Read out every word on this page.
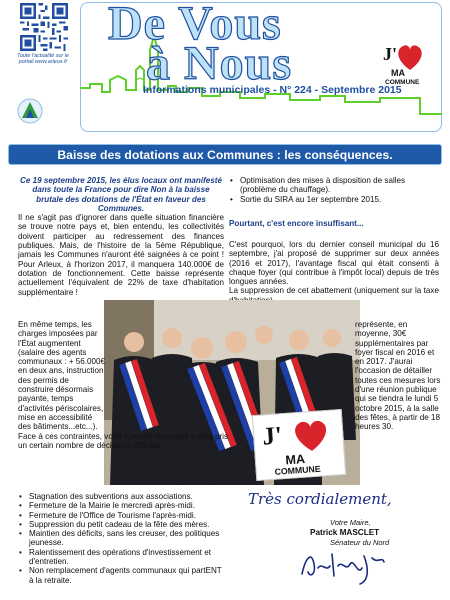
Toute l'actualité sur le portail www.arleux.fr
De Vous
à Nous
Informations municipales - N° 224 - Septembre 2015
J'
MA
COMMUNE
Baisse des dotations aux Communes : les conséquences.
Ce 19 septembre 2015, les élus locaux ont manifesté dans toute la France pour dire Non à la baisse brutale des dotations de l'État en faveur des Communes.

Il ne s'agit pas d'ignorer dans quelle situation financière se trouve notre pays et, bien entendu, les collectivités doivent participer au redressement des finances publiques. Mais, de l'histoire de la 5ème République, jamais les Communes n'auront été saignées à ce point ! Pour Arleux, à l'horizon 2017, il manquera 140.000€ de dotation de fonctionnement. Cette baisse représente actuellement l'équivalent de 22% de taxe d'habitation supplémentaire !

• Optimisation des mises à disposition de salles (problème du chauffage).
• Sortie du SIRA au 1er septembre 2015.
Pourtant, c'est encore insuffisant...

C'est pourquoi, lors du dernier conseil municipal du 16 septembre, j'ai proposé de supprimer sur deux années (2016 et 2017), l'avantage fiscal qui était consenti à chaque foyer (qui contribue à l'impôt local) depuis de très longues années.

La suppression de cet abattement (uniquement sur la taxe

J'
MA
COMMUNE

En même temps, les charges imposées par l'État augmentent (salaire des agents communaux : + 56.000€ en deux ans, instruction des permis de construire désormais payante, temps d'activités périscolaires, mise en accessibilité des bâtiments...etc...).

représente, en moyenne, 30€ supplémentaires par foyer fiscal en 2016 et en 2017. J'aurai l'occasion de détailler toutes ces mesures lors d'une réunion publique qui se tiendra le lundi 5 octobre 2015, à la salle des fêtes, à partir de 18 heures 30.

Face à ces contraintes, votre Conseil municipal a déjà pris un certain nombre de décisions difficiles :

• Stagnation des subventions aux associations.
• Fermeture de la Mairie le mercredi après-midi.
• Fermeture de l'Office de Tourisme l'après-midi.
• Suppression du petit cadeau de la fête des mères.
• Maintien des déficits, sans les creuser, des politiques jeunesse.
• Ralentissement des opérations d'investissement et d'entretien.
• Non remplacement d'agents communaux qui partENT à la retraite.
Très cordialement,
Votre Maire,
Patrick MASCLET
Sénateur du Nord
